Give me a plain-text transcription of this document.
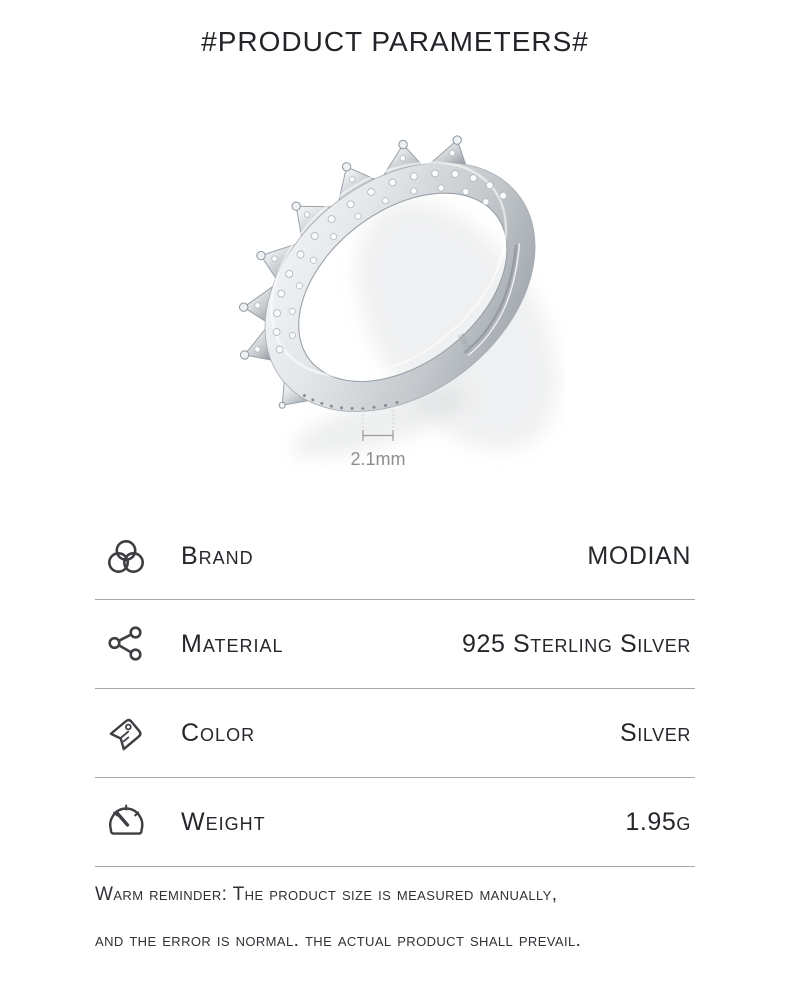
#PRODUCT PARAMETERS#
S925
2.1mm
Brand	MODIAN
Material	925 Sterling Silver
Color	Silver
Weight	1.95g

Warm reminder: The product size is measured manually,

and the error is normal. the actual product shall prevail.
